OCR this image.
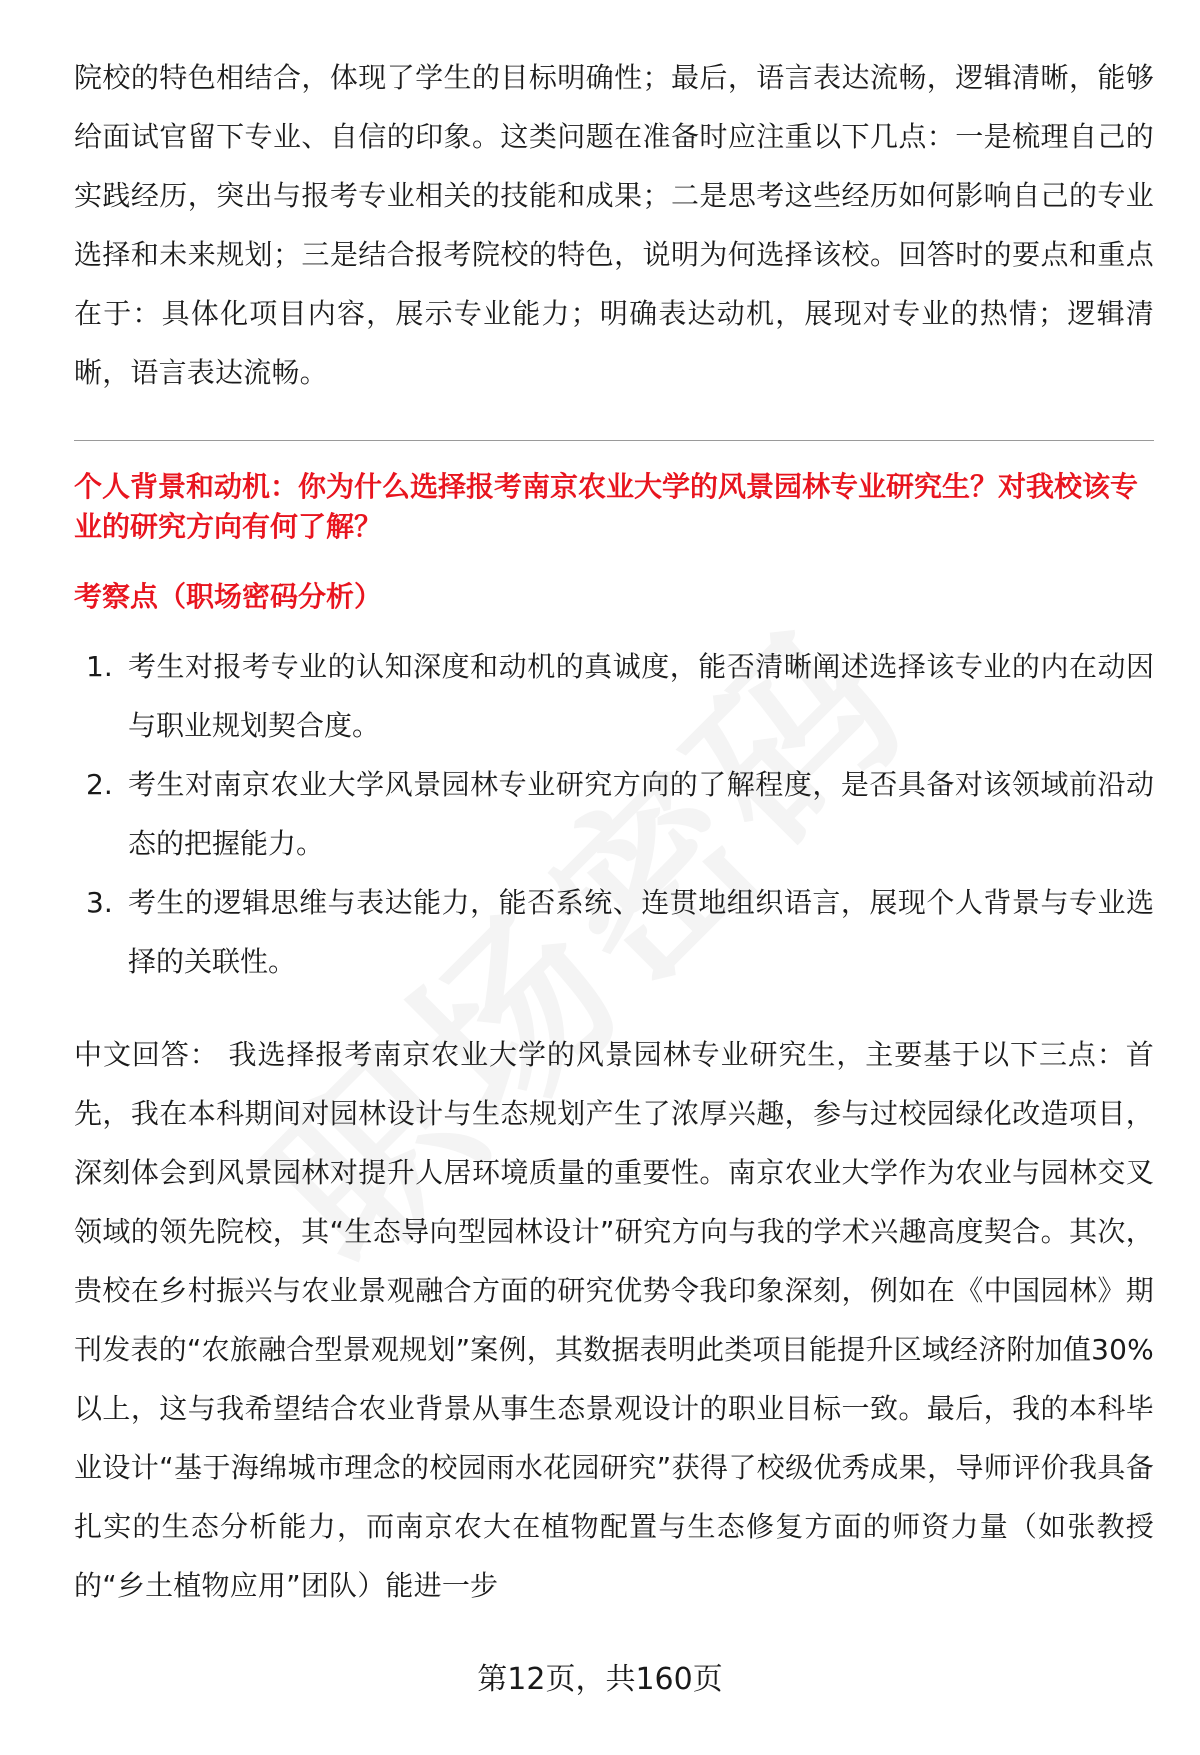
院校的特色相结合，体现了学生的目标明确性；最后，语言表达流畅，逻辑清晰，能够给面试官留下专业、自信的印象。这类问题在准备时应注重以下几点：一是梳理自己的实践经历，突出与报考专业相关的技能和成果；二是思考这些经历如何影响自己的专业选择和未来规划；三是结合报考院校的特色，说明为何选择该校。回答时的要点和重点在于：具体化项目内容，展示专业能力；明确表达动机，展现对专业的热情；逻辑清晰，语言表达流畅。

个人背景和动机：你为什么选择报考南京农业大学的风景园林专业研究生？对我校该专业的研究方向有何了解？

考察点（职场密码分析）

1. 考生对报考专业的认知深度和动机的真诚度，能否清晰阐述选择该专业的内在动因与职业规划契合度。
2. 考生对南京农业大学风景园林专业研究方向的了解程度，是否具备对该领域前沿动态的把握能力。
3. 考生的逻辑思维与表达能力，能否系统、连贯地组织语言，展现个人背景与专业选择的关联性。

中文回答： 我选择报考南京农业大学的风景园林专业研究生，主要基于以下三点：首先，我在本科期间对园林设计与生态规划产生了浓厚兴趣，参与过校园绿化改造项目，深刻体会到风景园林对提升人居环境质量的重要性。南京农业大学作为农业与园林交叉领域的领先院校，其“生态导向型园林设计”研究方向与我的学术兴趣高度契合。其次，贵校在乡村振兴与农业景观融合方面的研究优势令我印象深刻，例如在《中国园林》期刊发表的“农旅融合型景观规划”案例，其数据表明此类项目能提升区域经济附加值30%以上，这与我希望结合农业背景从事生态景观设计的职业目标一致。最后，我的本科毕业设计“基于海绵城市理念的校园雨水花园研究”获得了校级优秀成果，导师评价我具备扎实的生态分析能力，而南京农大在植物配置与生态修复方面的师资力量（如张教授的“乡土植物应用”团队）能进一步

第12页，共160页
